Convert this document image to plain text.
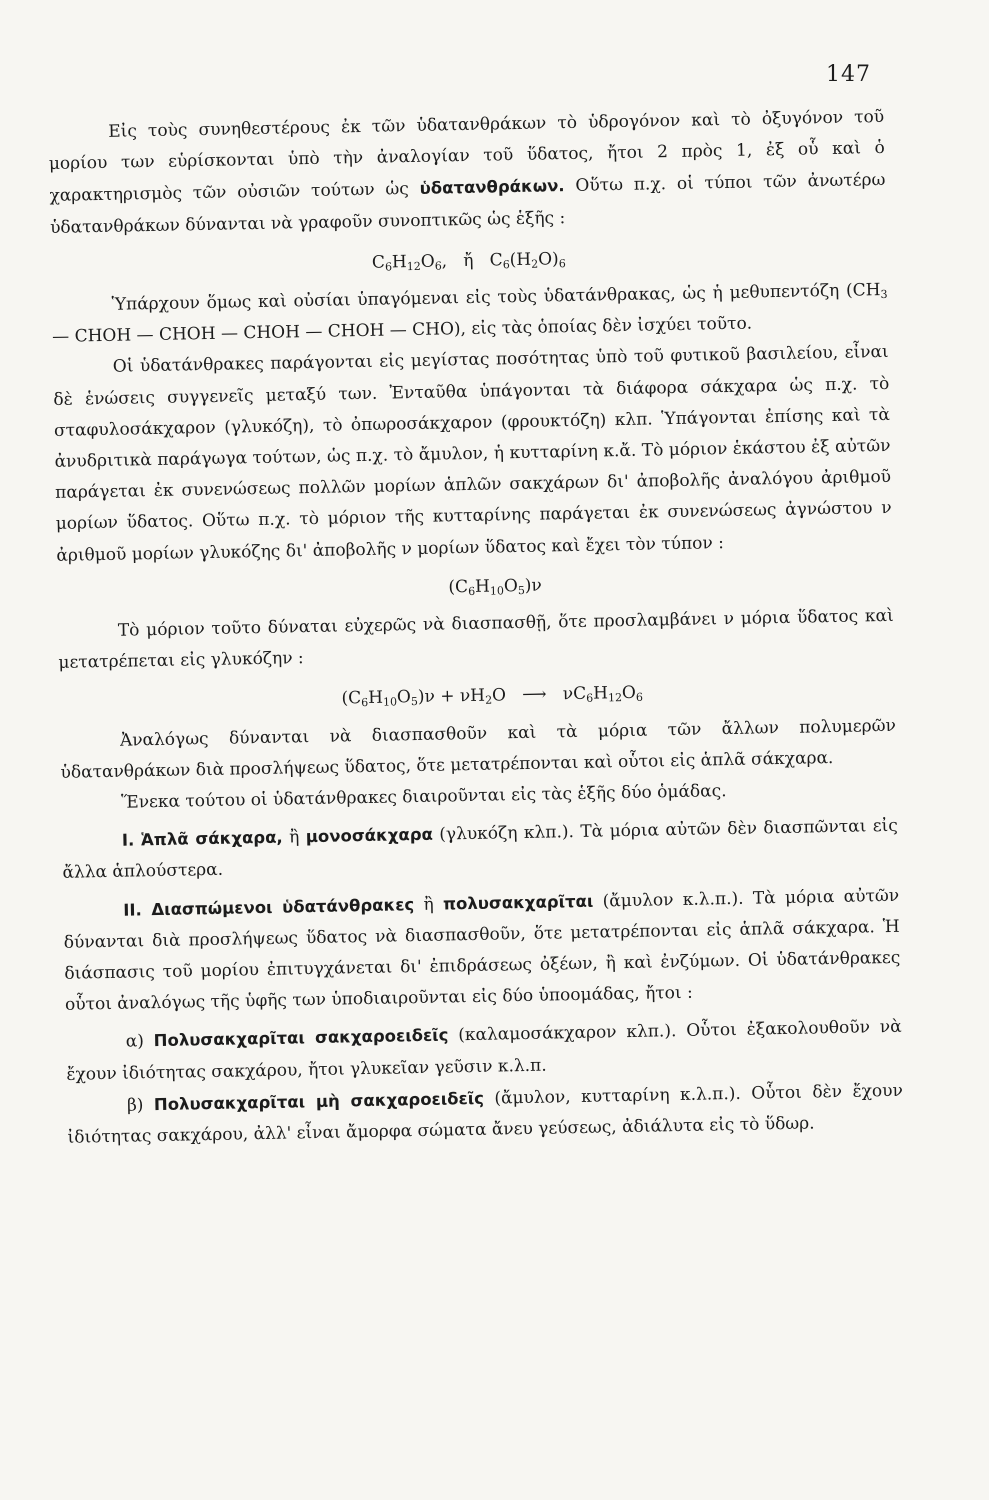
147

Εἰς τοὺς συνηθεστέρους ἐκ τῶν ὑδατανθράκων τὸ ὑδρογόνον καὶ τὸ ὀξυγόνον τοῦ μορίου των εὑρίσκονται ὑπὸ τὴν ἀναλογίαν τοῦ ὕδατος, ἤτοι 2 πρὸς 1, ἐξ οὗ καὶ ὁ χαρακτηρισμὸς τῶν οὐσιῶν τούτων ὡς ὑδατανθράκων. Οὕτω π.χ. οἱ τύποι τῶν ἀνωτέρω ὑδατανθράκων δύνανται νὰ γραφοῦν συνοπτικῶς ὡς ἑξῆς :

$C_6H_{12}O_6$,   ἤ   $C_6(H_2O)_6$

Ὑπάρχουν ὅμως καὶ οὐσίαι ὑπαγόμεναι εἰς τοὺς ὑδατάνθρακας, ὡς ἡ μεθυπεντόζη ($CH_3$ — CHOH — CHOH — CHOH — CHOH — CHO), εἰς τὰς ὁποίας δὲν ἰσχύει τοῦτο.

Οἱ ὑδατάνθρακες παράγονται εἰς μεγίστας ποσότητας ὑπὸ τοῦ φυτικοῦ βασιλείου, εἶναι δὲ ἑνώσεις συγγενεῖς μεταξύ των. Ἐνταῦθα ὑπάγονται τὰ διάφορα σάκχαρα ὡς π.χ. τὸ σταφυλοσάκχαρον (γλυκόζη), τὸ ὀπωροσάκχαρον (φρουκτόζη) κλπ. Ὑπάγονται ἐπίσης καὶ τὰ ἀνυδριτικὰ παράγωγα τούτων, ὡς π.χ. τὸ ἄμυλον, ἡ κυτταρίνη κ.ἄ. Τὸ μόριον ἑκάστου ἐξ αὐτῶν παράγεται ἐκ συνενώσεως πολλῶν μορίων ἁπλῶν σακχάρων δι' ἀποβολῆς ἀναλόγου ἀριθμοῦ μορίων ὕδατος. Οὕτω π.χ. τὸ μόριον τῆς κυτταρίνης παράγεται ἐκ συνενώσεως ἀγνώστου ν ἀριθμοῦ μορίων γλυκόζης δι' ἀποβολῆς ν μορίων ὕδατος καὶ ἔχει τὸν τύπον :

$(C_6H_{10}O_5)\nu$

Τὸ μόριον τοῦτο δύναται εὐχερῶς νὰ διασπασθῇ, ὅτε προσλαμβάνει ν μόρια ὕδατος καὶ μετατρέπεται εἰς γλυκόζην :

$(C_6H_{10}O_5)\nu + \nu H_2O$   ⟶   $\nu C_6H_{12}O_6$

Ἀναλόγως δύνανται νὰ διασπασθοῦν καὶ τὰ μόρια τῶν ἄλλων πολυμερῶν ὑδατανθράκων διὰ προσλήψεως ὕδατος, ὅτε μετατρέπονται καὶ οὗτοι εἰς ἁπλᾶ σάκχαρα.

Ἕνεκα τούτου οἱ ὑδατάνθρακες διαιροῦνται εἰς τὰς ἑξῆς δύο ὁμάδας.

I. Ἁπλᾶ σάκχαρα, ἢ μονοσάκχαρα (γλυκόζη κλπ.). Τὰ μόρια αὐτῶν δὲν διασπῶνται εἰς ἄλλα ἁπλούστερα.

II. Διασπώμενοι ὑδατάνθρακες ἢ πολυσακχαρῖται (ἄμυλον κ.λ.π.). Τὰ μόρια αὐτῶν δύνανται διὰ προσλήψεως ὕδατος νὰ διασπασθοῦν, ὅτε μετατρέπονται εἰς ἁπλᾶ σάκχαρα. Ἡ διάσπασις τοῦ μορίου ἐπιτυγχάνεται δι' ἐπιδράσεως ὀξέων, ἢ καὶ ἐνζύμων. Οἱ ὑδατάνθρακες οὗτοι ἀναλόγως τῆς ὑφῆς των ὑποδιαιροῦνται εἰς δύο ὑποομάδας, ἤτοι :

α) Πολυσακχαρῖται σακχαροειδεῖς (καλαμοσάκχαρον κλπ.). Οὗτοι ἐξακολουθοῦν νὰ ἔχουν ἰδιότητας σακχάρου, ἤτοι γλυκεῖαν γεῦσιν κ.λ.π.

β) Πολυσακχαρῖται μὴ σακχαροειδεῖς (ἄμυλον, κυτταρίνη κ.λ.π.). Οὗτοι δὲν ἔχουν ἰδιότητας σακχάρου, ἀλλ' εἶναι ἄμορφα σώματα ἄνευ γεύσεως, ἀδιάλυτα εἰς τὸ ὕδωρ.
